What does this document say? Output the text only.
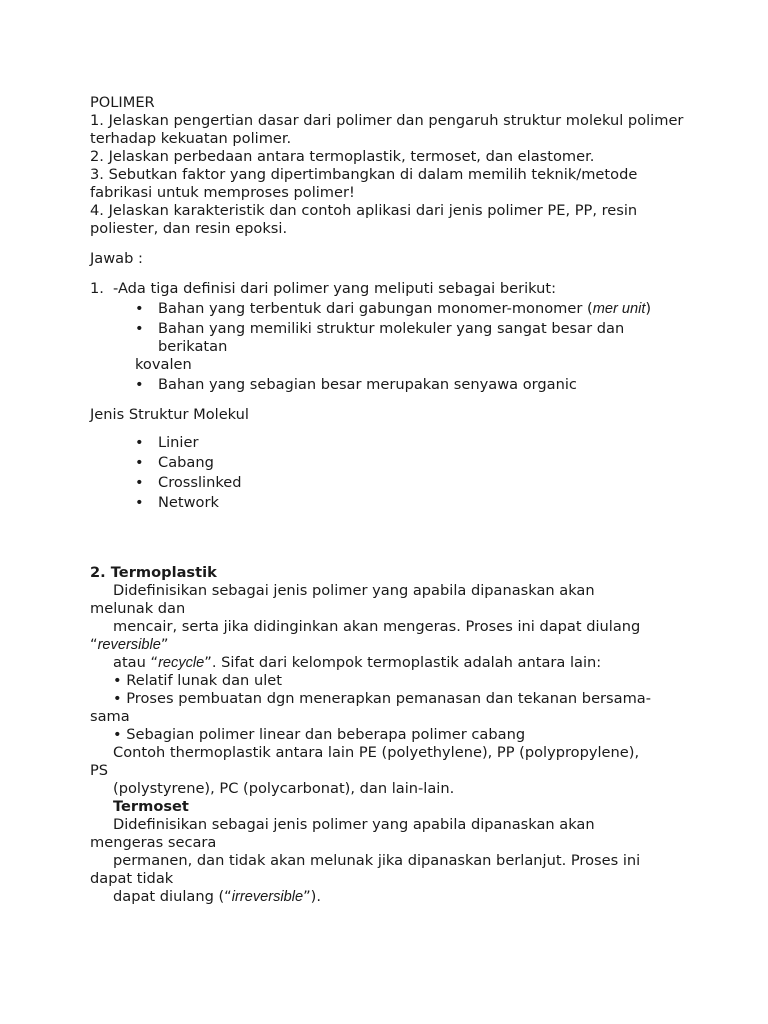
POLIMER
1. Jelaskan pengertian dasar dari polimer dan pengaruh struktur molekul polimer
terhadap kekuatan polimer.
2. Jelaskan perbedaan antara termoplastik, termoset, dan elastomer.
3. Sebutkan faktor yang dipertimbangkan di dalam memilih teknik/metode
fabrikasi untuk memproses polimer!
4. Jelaskan karakteristik dan contoh aplikasi dari jenis polimer PE, PP, resin
poliester, dan resin epoksi.
Jawab :
1. -Ada tiga definisi dari polimer yang meliputi sebagai berikut:
• Bahan yang terbentuk dari gabungan monomer-monomer (mer unit)
• Bahan yang memiliki struktur molekuler yang sangat besar dan
berikatan
kovalen
• Bahan yang sebagian besar merupakan senyawa organic
Jenis Struktur Molekul
• Linier
• Cabang
• Crosslinked
• Network
2. Termoplastik
Didefinisikan sebagai jenis polimer yang apabila dipanaskan akan
melunak dan
mencair, serta jika didinginkan akan mengeras. Proses ini dapat diulang
“reversible”
atau “recycle”. Sifat dari kelompok termoplastik adalah antara lain:
• Relatif lunak dan ulet
• Proses pembuatan dgn menerapkan pemanasan dan tekanan bersama-
sama
• Sebagian polimer linear dan beberapa polimer cabang
Contoh thermoplastik antara lain PE (polyethylene), PP (polypropylene),
PS
(polystyrene), PC (polycarbonat), dan lain-lain.
Termoset
Didefinisikan sebagai jenis polimer yang apabila dipanaskan akan
mengeras secara
permanen, dan tidak akan melunak jika dipanaskan berlanjut. Proses ini
dapat tidak
dapat diulang (“irreversible”).
